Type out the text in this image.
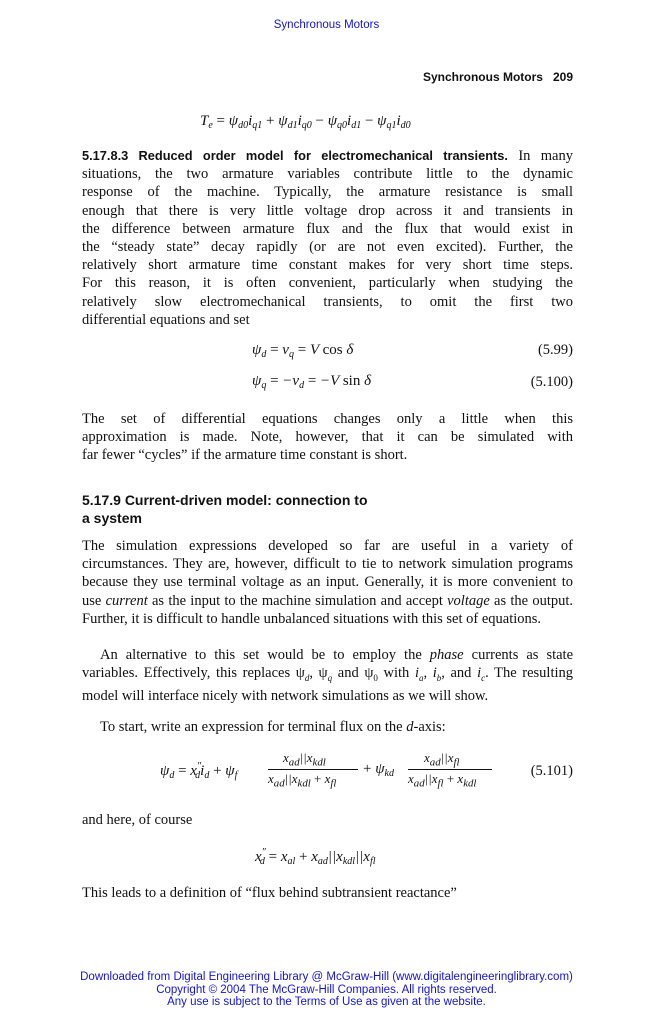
Synchronous Motors
Synchronous Motors 209
$T_e = \psi_{d0}i_{q1} + \psi_{d1}i_{q0} - \psi_{q0}i_{d1} - \psi_{q1}i_{d0}$
5.17.8.3 Reduced order model for electromechanical transients. In many
situations, the two armature variables contribute little to the dynamic
response of the machine. Typically, the armature resistance is small
enough that there is very little voltage drop across it and transients in
the difference between armature flux and the flux that would exist in
the “steady state” decay rapidly (or are not even excited). Further, the
relatively short armature time constant makes for very short time steps.
For this reason, it is often convenient, particularly when studying the
relatively slow electromechanical transients, to omit the first two
differential equations and set
$\psi_d = v_q = V$ cos δ	(5.99)
$\psi_q = -v_d = -V$ sin δ	(5.100)
The set of differential equations changes only a little when this
approximation is made. Note, however, that it can be simulated with
far fewer “cycles” if the armature time constant is short.
5.17.9 Current-driven model: connection to
a system
The simulation expressions developed so far are useful in a variety of circumstances. They are, however, difficult to tie to network simulation programs because they use terminal voltage as an input. Generally, it is more convenient to use current as the input to the machine simulation and accept voltage as the output. Further, it is difficult to handle unbalanced situations with this set of equations.
An alternative to this set would be to employ the phase currents as state variables. Effectively, this replaces $\psi_d$, $\psi_q$ and $\psi_0$ with $i_a$, $i_b$, and $i_c$. The resulting model will interface nicely with network simulations as we will show.
To start, write an expression for terminal flux on the d-axis:
$\psi_d = x''_di_d + \psi_f$
$x_{ad}||x_{kdl}$
$x_{ad}||x_{kdl} + x_{fl}$
+ $\psi_{kd}$
$x_{ad}||x_{fl}$
$x_{ad}||x_{fl} + x_{kdl}$
(5.101)
and here, of course
$x''_d = x_{al} + x_{ad}||x_{kdl}||x_{fl}$
This leads to a definition of “flux behind subtransient reactance”
Downloaded from Digital Engineering Library @ McGraw-Hill (www.digitalengineeringlibrary.com)
Copyright © 2004 The McGraw-Hill Companies. All rights reserved.
Any use is subject to the Terms of Use as given at the website.
